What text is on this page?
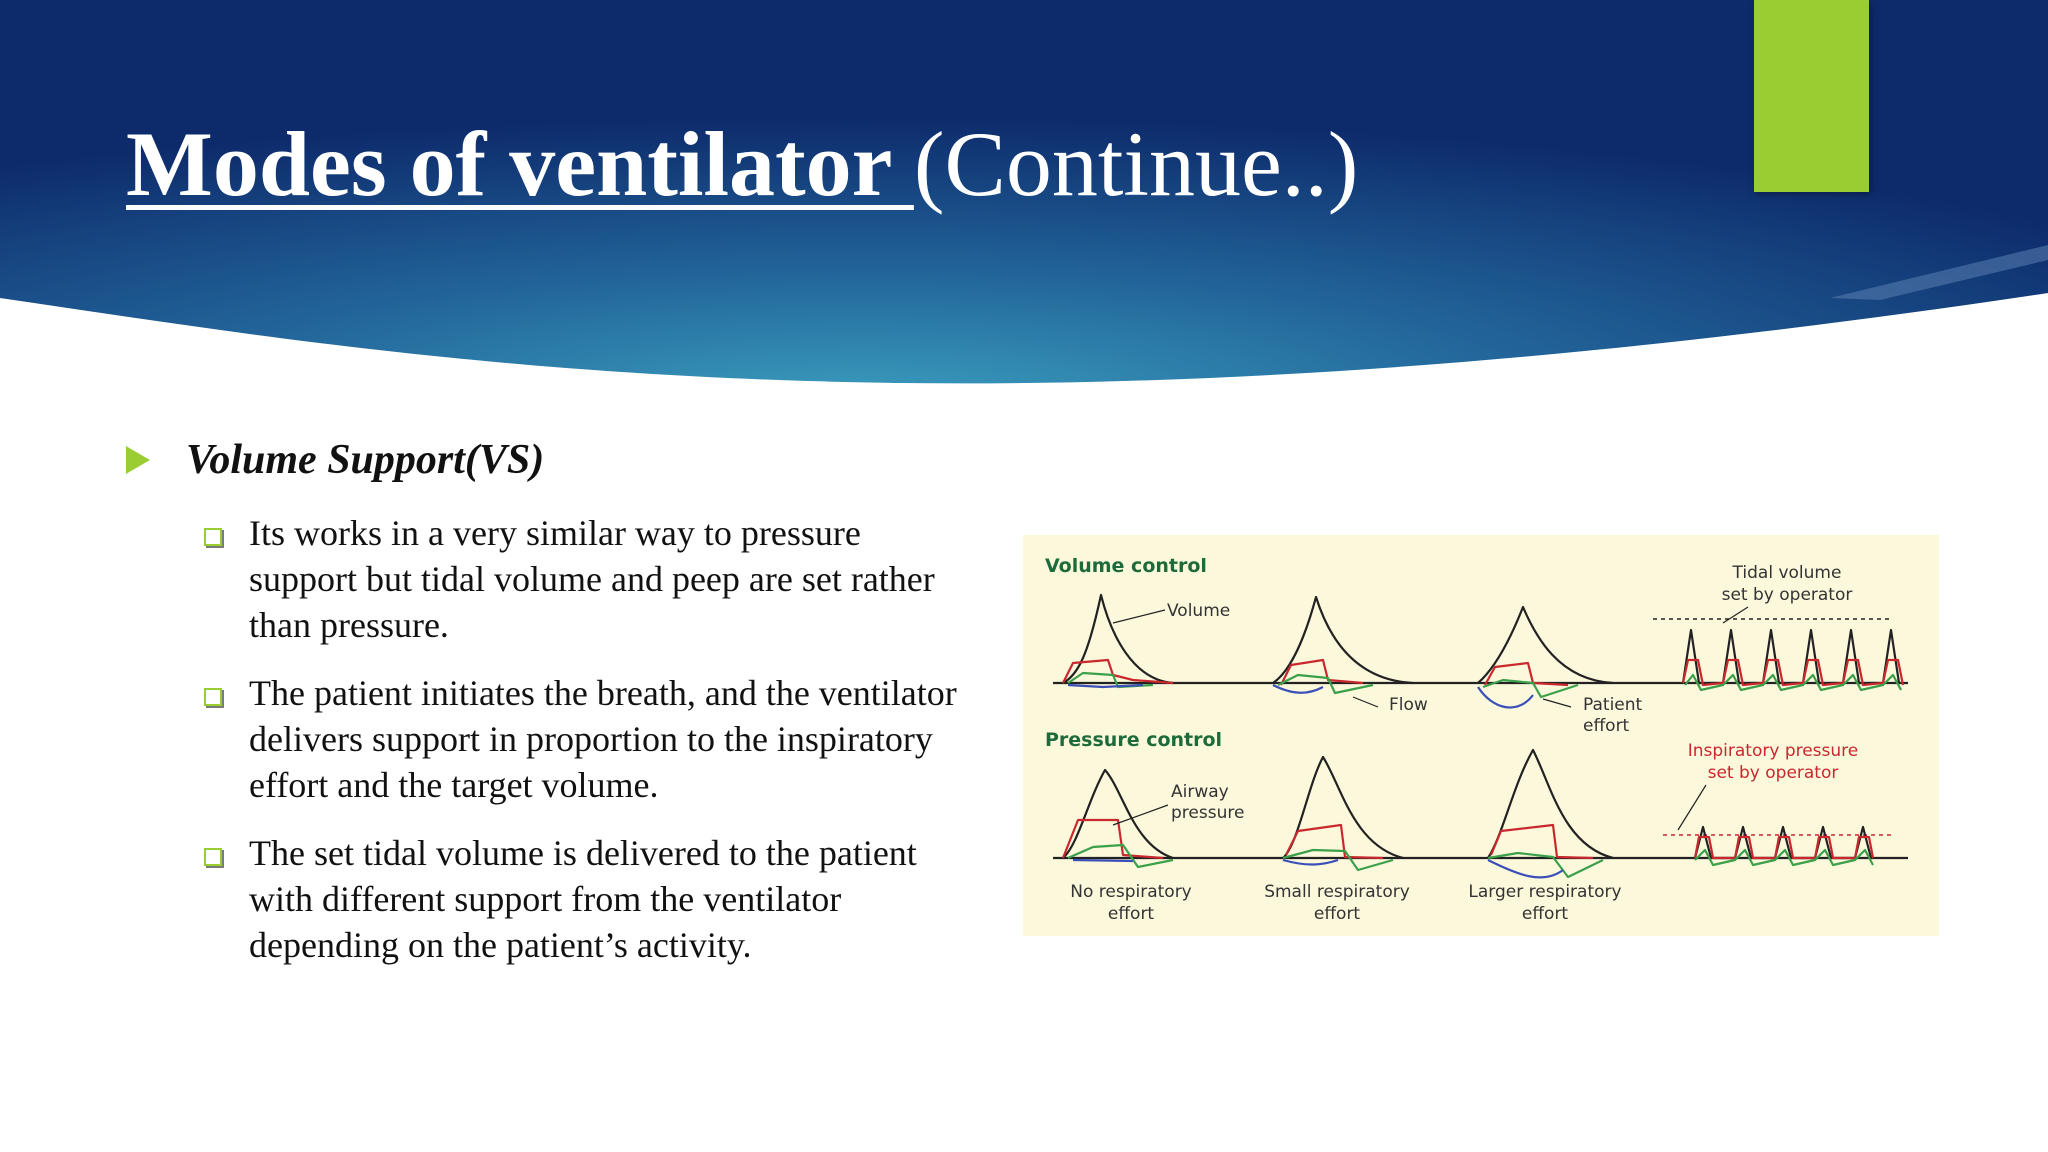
Modes of ventilator (Continue..)
Volume Support(VS)
Its works in a very similar way to pressure support but tidal volume and peep are set rather than pressure.
The patient initiates the breath, and the ventilator delivers support in proportion to the inspiratory effort and the target volume.
The set tidal volume is delivered to the patient with different support from the ventilator depending on the patient’s activity.
Volume control
Pressure control
Volume
Flow	Patient
effort
Airway
pressure
Tidal volume
set by operator
Inspiratory pressure
set by operator
No respiratory
effort
Small respiratory
effort
Larger respiratory
effort
